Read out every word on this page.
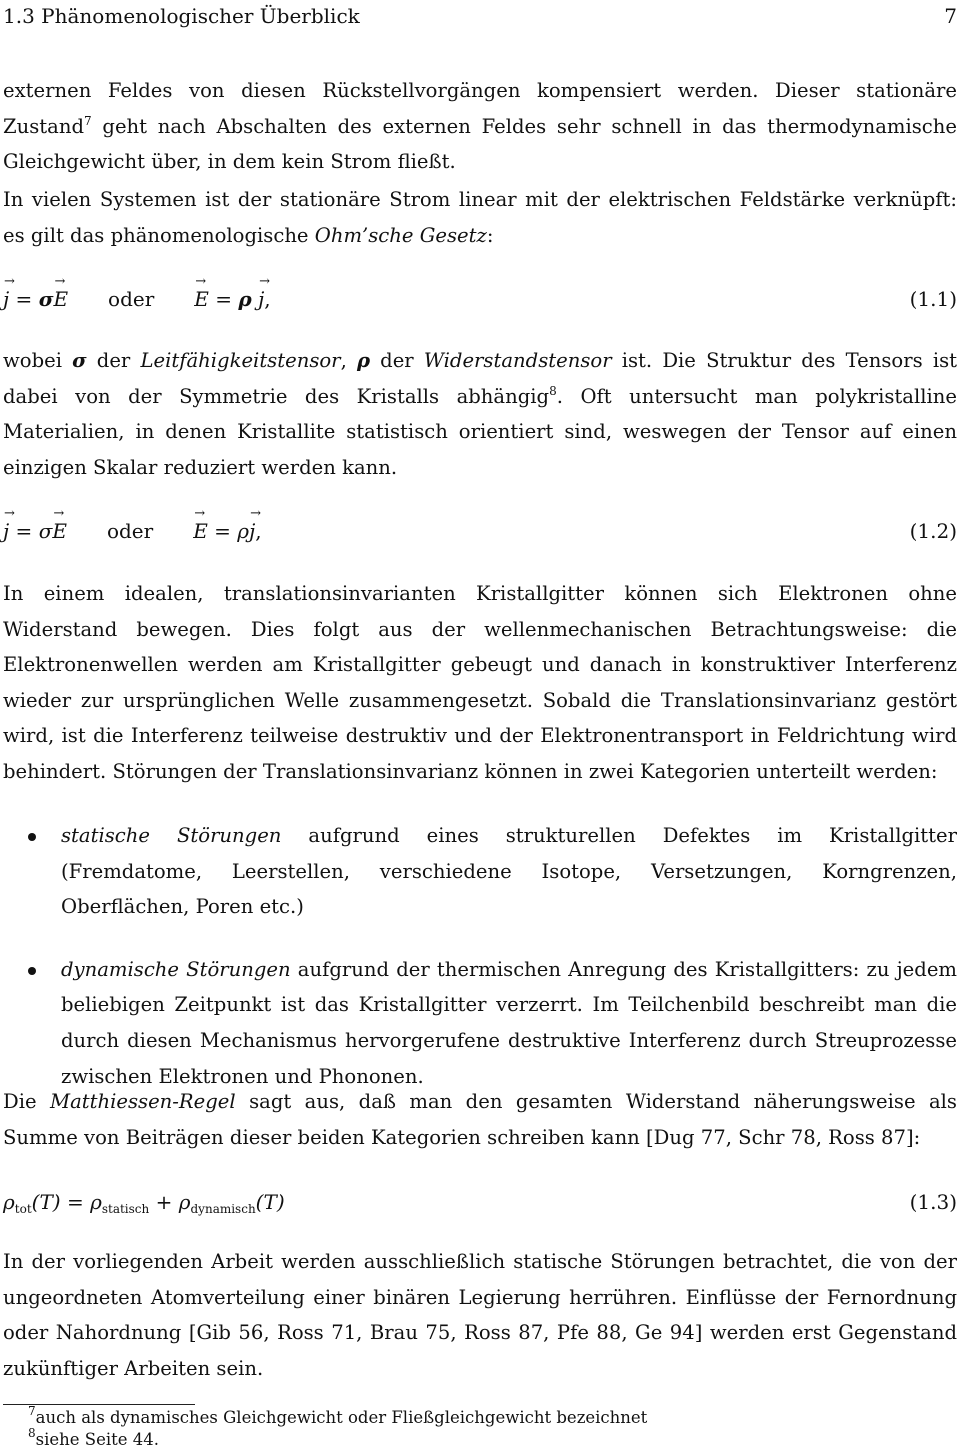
1.3 Phänomenologischer Überblick	7

externen Feldes von diesen Rückstellvorgängen kompensiert werden. Dieser stationäre Zustand$^7$ geht nach Abschalten des externen Feldes sehr schnell in das thermodynamische Gleichgewicht über, in dem kein Strom fließt.

In vielen Systemen ist der stationäre Strom linear mit der elektrischen Feldstärke verknüpft: es gilt das phänomenologische Ohm’sche Gesetz:

→ j = σ→ E oder → E = ρ → j,	(1.1)

wobei σ der Leitfähigkeitstensor, ρ der Widerstandstensor ist. Die Struktur des Tensors ist dabei von der Symmetrie des Kristalls abhängig$^8$. Oft untersucht man polykristalline Materialien, in denen Kristallite statistisch orientiert sind, weswegen der Tensor auf einen einzigen Skalar reduziert werden kann.

→ j = σ→ E oder → E = ρ→ j,	(1.2)

In einem idealen, translationsinvarianten Kristallgitter können sich Elektronen ohne Widerstand bewegen. Dies folgt aus der wellenmechanischen Betrachtungsweise: die Elektronenwellen werden am Kristallgitter gebeugt und danach in konstruktiver Interferenz wieder zur ursprünglichen Welle zusammengesetzt. Sobald die Translationsinvarianz gestört wird, ist die Interferenz teilweise destruktiv und der Elektronentransport in Feldrichtung wird behindert. Störungen der Translationsinvarianz können in zwei Kategorien unterteilt werden:

statische Störungen aufgrund eines strukturellen Defektes im Kristallgitter (Fremdatome, Leerstellen, verschiedene Isotope, Versetzungen, Korngrenzen, Oberflächen, Poren etc.)
dynamische Störungen aufgrund der thermischen Anregung des Kristallgitters: zu jedem beliebigen Zeitpunkt ist das Kristallgitter verzerrt. Im Teilchenbild beschreibt man die durch diesen Mechanismus hervorgerufene destruktive Interferenz durch Streuprozesse zwischen Elektronen und Phononen.

Die Matthiessen-Regel sagt aus, daß man den gesamten Widerstand näherungsweise als Summe von Beiträgen dieser beiden Kategorien schreiben kann [Dug 77, Schr 78, Ross 87]:

$\rho_{tot}(T) = \rho_{statisch} + \rho_{dynamisch}(T)$	(1.3)

In der vorliegenden Arbeit werden ausschließlich statische Störungen betrachtet, die von der ungeordneten Atomverteilung einer binären Legierung herrühren. Einflüsse der Fernordnung oder Nahordnung [Gib 56, Ross 71, Brau 75, Ross 87, Pfe 88, Ge 94] werden erst Gegenstand zukünftiger Arbeiten sein.

$^7$auch als dynamisches Gleichgewicht oder Fließgleichgewicht bezeichnet
$^8$siehe Seite 44.
